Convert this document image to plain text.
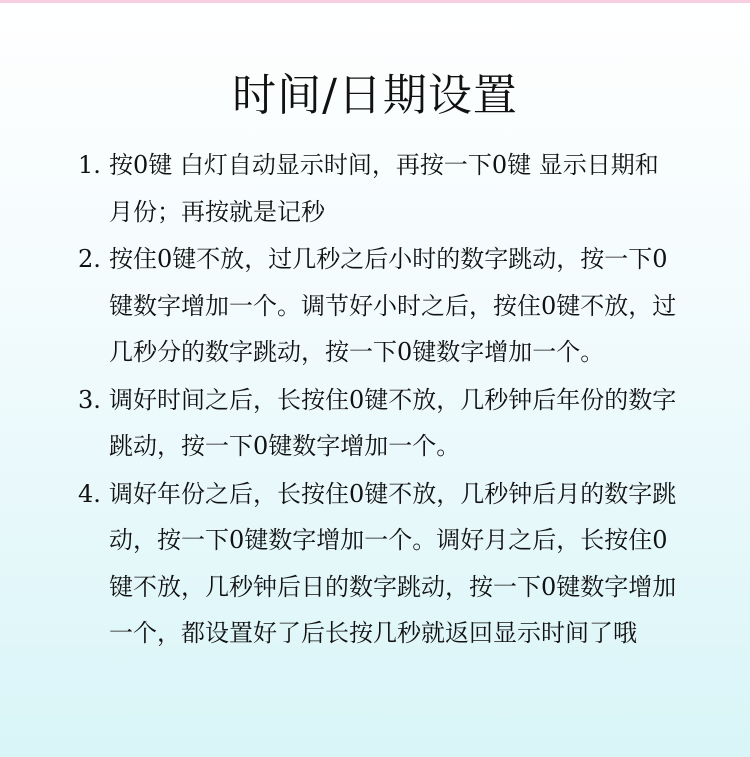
时间/日期设置
1. 按0键 白灯自动显示时间，再按一下0键 显示日期和月份；再按就是记秒
2. 按住0键不放，过几秒之后小时的数字跳动，按一下0键数字增加一个。调节好小时之后，按住0键不放，过几秒分的数字跳动，按一下0键数字增加一个。
3. 调好时间之后，长按住0键不放，几秒钟后年份的数字跳动，按一下0键数字增加一个。
4. 调好年份之后，长按住0键不放，几秒钟后月的数字跳动，按一下0键数字增加一个。调好月之后，长按住0键不放，几秒钟后日的数字跳动，按一下0键数字增加一个，都设置好了后长按几秒就返回显示时间了哦
